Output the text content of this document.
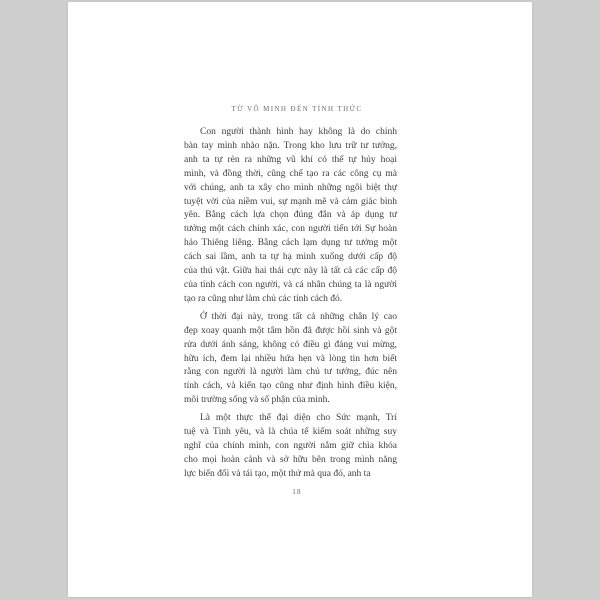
TỪ VÔ MINH ĐẾN TỈNH THỨC
Con người thành hình hay không là do chính
bàn tay mình nhào nặn. Trong kho lưu trữ tư tưởng,
anh ta tự rèn ra những vũ khí có thể tự hủy hoại
mình, và đồng thời, cũng chế tạo ra các công cụ mà
với chúng, anh ta xây cho mình những ngôi biệt thự
tuyệt vời của niềm vui, sự mạnh mẽ và cảm giác bình
yên. Bằng cách lựa chọn đúng đắn và áp dụng tư
tưởng một cách chính xác, con người tiến tới Sự hoàn
hảo Thiêng liêng. Bằng cách lạm dụng tư tưởng một
cách sai lầm, anh ta tự hạ mình xuống dưới cấp độ
của thú vật. Giữa hai thái cực này là tất cả các cấp độ
của tính cách con người, và cá nhân chúng ta là người
tạo ra cũng như làm chủ các tính cách đó.
Ở thời đại này, trong tất cả những chân lý cao
đẹp xoay quanh một tâm hồn đã được hồi sinh và gột
rửa dưới ánh sáng, không có điều gì đáng vui mừng,
hữu ích, đem lại nhiều hứa hẹn và lòng tin hơn biết
rằng con người là người làm chủ tư tưởng, đúc nên
tính cách, và kiến tạo cũng như định hình điều kiện,
môi trường sống và số phận của mình.
Là một thực thể đại diện cho Sức mạnh, Trí
tuệ và Tình yêu, và là chúa tể kiểm soát những suy
nghĩ của chính mình, con người nắm giữ chìa khóa
cho mọi hoàn cảnh và sở hữu bên trong mình năng
lực biến đổi và tái tạo, một thứ mà qua đó, anh ta
18
